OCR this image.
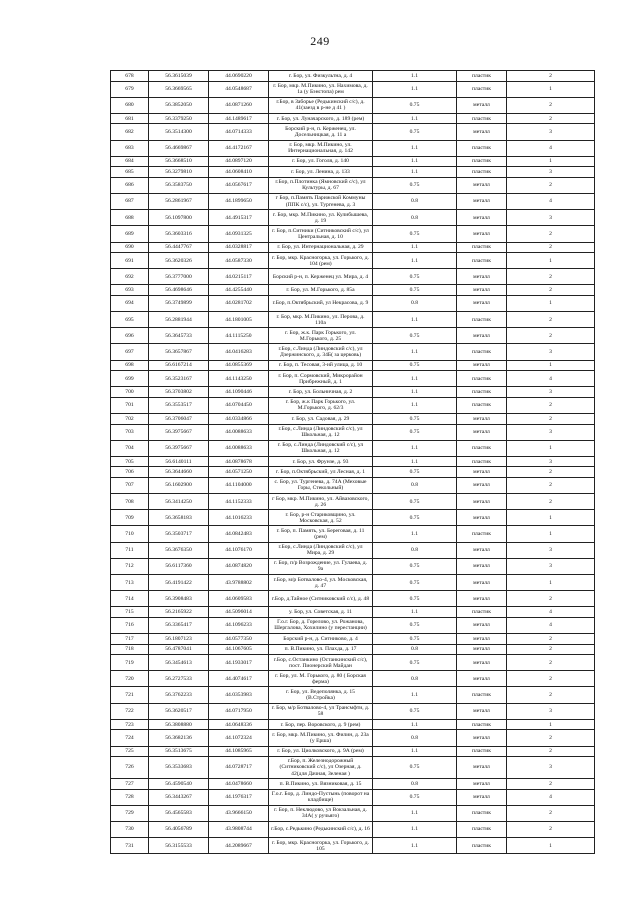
249
678	56.3615039	44.0690220	г. Бор, ул. Физкультна, д. 4	1.1	пластик	2
679	56.3669565	44.0548687	г. Бор, мкр. М.Пикино, ул. Нахимова, д. 1а (у Бэнстопа) рем	1.1	пластик	1
680	56.3852050	44.0871260	г.Бор, в Заборье (Редькинский с/с), д. 41(заезд в р-не д 41 )	0.75	металл	2
681	56.3379250	44.1489617	г. Бор, ул. Луначарского, д. 189 (рем)	1.1	пластик	2
682	56.3514300	44.0714333	Борский р-н, п. Керженец, ул. Досельницкая, д. 11 а	0.75	металл	3
683	56.4669867	44.4172167	г. Бор, мкр. М.Пикино, ул. Интернациональная, д. 142	1.1	пластик	4
684	56.3668510	44.0897120	г. Бор, ул. Гоголя, д. 140	1.1	пластик	1
685	56.3279810	44.0608410	г. Бор, ул. Ленина, д. 133	1.1	пластик	3
686	56.3583750	44.0567617	г.Бор, п.Плотинка (Ямновский с/с), ул Культуры, д. 67	0.75	металл	2
687	56.2861967	44.1899650	г Бор, п.Память Парижской Коммуны (ППК с/с), ул. Тургенева, д. 3	0.8	металл	4
688	56.1097800	44.4915317	г. Бор, мкр. М.Пикино, ул. Кулибышева, д. 19	0.8	металл	3
689	56.3603316	44.0931325	г. Бор, п.Ситники (Ситниковский с/с), ул Центральная, д. 10	0.75	металл	2
690	56.4447767	44.0328817	г. Бор, ул. Интернациональная, д. 29	1.1	пластик	2
691	56.3620326	44.0587330	г. Бор, мкр. Красногорка, ул. Горького, д. 104 (рем)	1.1	пластик	1
692	56.3777000	44.0215117	Борский р-н, п. Керженец ул. Мира, д. 4	0.75	металл	2
693	56.4698646	44.4255440	г. Бор, ул. М.Горького, д. 85а	0.75	металл	2
694	56.3749899	44.0281702	г.Бор, п.Октябрьский, ул Некрасова, д. 9	0.8	металл	1
695	56.2881944	44.1801005	г. Бор, мкр. М.Пикино, ул. Перова, д. 110а	1.1	пластик	2
696	56.3645733	44.1115250	г. Бор, ж.к. Парк Горького, ул. М.Горького, д. 25	0.75	металл	2
697	56.3657867	44.0416283	г.Бор, с.Линда (Линдовский с/с), ул Дзержинского, д. 34Б( за церковь)	1.1	пластик	3
698	56.6167214	44.0855369	г. Бор, п. Тесовая, 3-ий улица, д. 10	0.75	металл	1
699	56.3523167	44.1143250	г. Бор, п. Сормовский, Микрорайон Прибрежный, д. 1	1.1	пластик	4
700	56.3703802	44.1090446	г. Бор, ул. Больничная, д. 2	1.1	пластик	3
701	56.3553517	44.0704450	г. Бор, ж.к Парк Горького, ул. М.Горького, д. 62/3	1.1	пластик	2
702	56.3706047	44.0334866	г. Бор, ул. Садовая, д. 29	0.75	металл	2
703	56.3975667	44.0088633	г.Бор, с.Линда (Линдовский с/с), ул Школьная, д. 12	0.75	металл	3
704	56.3975667	44.0088633	г. Бор, с.Линда (Линдовский с/с), ул Школьная, д. 12	1.1	пластик	1
705	56.6140111	44.0878678	г. Бор, ул. Фрунзе, д. 93	1.1	пластик	3
706	56.3644660	44.0571250	г. Бор, п.Октябрьский, ул Лесная, д. 1	0.75	металл	2
707	56.1602900	44.1104000	с. Бор, ул. Тургенева, д. 74А (Меховые Горы, Стекольный)	0.8	металл	2
708	56.3414250	44.1152333	г Бор, мкр. М.Пикино, ул. Айвазовского, д. 26	0.75	металл	2
709	56.3658183	44.1016233	г. Бор, р-н Стариковщино, ул. Московская, д. 52	0.75	металл	1
710	56.3503717	44.0842483	г. Бор, п. Память, ул. Береговая, д. 11 (рем)	1.1	пластик	1
711	56.3676350	44.1076170	г.Бор, с.Линда (Линдовский с/с), ул Мира, д. 29	0.8	металл	3
712	56.6117360	44.0874820	г. Бор, п/р Возрождение, ул. Гулаева, д. 9а	0.75	металл	3
713	56.4191422	43.9788802	г.Бор, м/р Ботвалово-4, ул. Московская, д. 47	0.75	металл	1
714	56.3908483	44.0609583	г.Бор, д.Тайное (Ситниковский с/с), д. 48	0.75	металл	2
715	56.2165922	44.5096014	у. Бор, ул. Советская, д. 11	1.1	пластик	4
716	56.3365417	44.1096233	Г.о.г. Бор, д. Горелово, ул. Рожанова, Шергалова, Хохилино (у перестанции)	0.75	металл	4
717	56.1807123	44.0577350	Борский р-н, д. Ситниково, д. 4	0.75	металл	2
718	56.4787041	44.1067605	п. В.Пикино, ул. Плахда, д. 17	0.8	металл	2
719	56.3454613	44.1933017	г.Бор, с.Останкино (Останкинский с/с), пост. Пионерский Майдан	0.75	металл	2
720	56.2727533	44.4074617	г. Бор, ул. М. Горького, д. 80 ( Борская ферма)	0.8	металл	2
721	56.3762233	44.0353983	г. Бор, ул. Ведеполянка, д. 15 (В.Стройка)	1.1	пластик	2
722	56.3620517	44.0717950	г. Бор, м/р Ботвалово-4, ул Трансмфти, д. 58	0.75	металл	3
723	56.3808880	44.0648336	г. Бор, пер. Воровского, д. 9 (рем)	1.1	пластик	1
724	56.3682136	44.1072324	г. Бор, мкр. М.Пикино, ул. Филин, д. 23а (у Ерша)	0.8	металл	2
725	56.3513675	44.1085965	г. Бор, ул. Циолковского, д. 9А (рем)	1.1	пластик	2
726	56.3533683	44.0728717	г.Бор, п. Железнодорожный (Ситниковский с/с), ул Озерная, д. 42(для Дачная, Зеленая )	0.75	металл	3
727	56.4590540	44.0478660	п. В.Пикино, ул. Вязниковая, д. 15	0.8	металл	2
728	56.3443267	44.1976317	Г.о.г. Бор, д. Линдо-Пустынь (поворот на кладбище)	0.75	металл	4
729	56.4565583	43.9666150	г. Бор, п. Неклюдово, ул Вокзальная, д. 34А( у ручьяго)	1.1	пластик	2
730	56.4056789	43.9808744	г.Бор, с.Редькино (Редькинский с/с), д. 16	1.1	пластик	2
731	56.3155533	44.2089667	г. Бор, мкр. Красногорка, ул. Горького, д. 105	1.1	пластик	1
